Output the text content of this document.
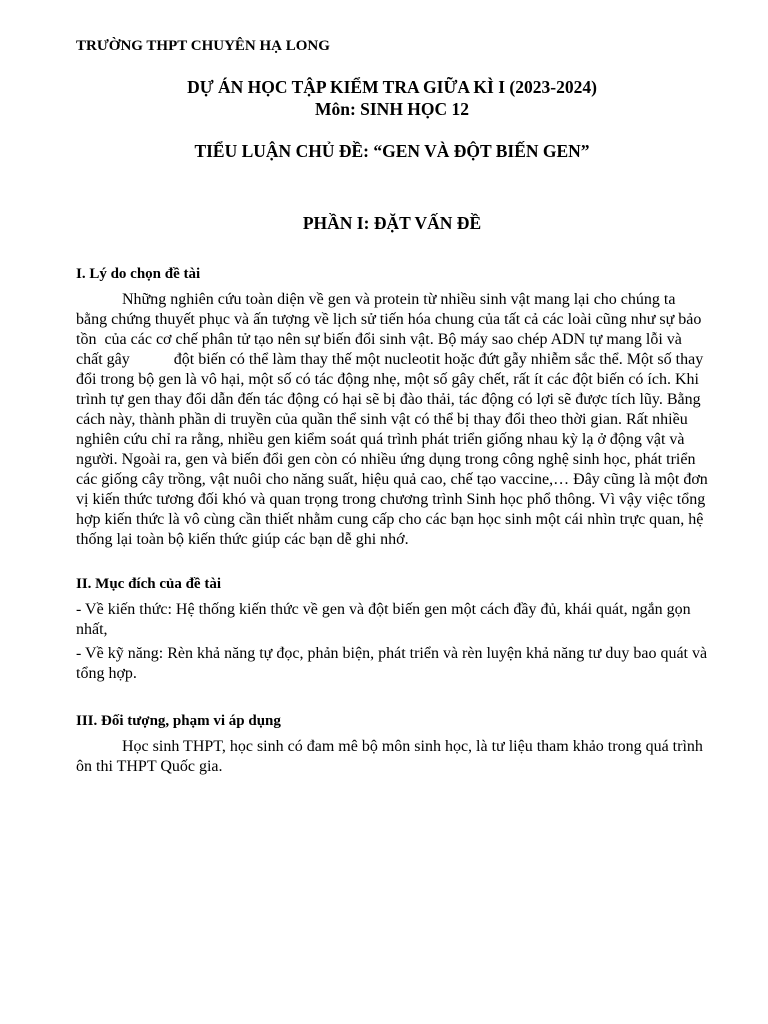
TRƯỜNG THPT CHUYÊN HẠ LONG

DỰ ÁN HỌC TẬP KIỂM TRA GIỮA KÌ I (2023-2024)

Môn: SINH HỌC 12

TIỂU LUẬN CHỦ ĐỀ: “GEN VÀ ĐỘT BIẾN GEN”

PHẦN I: ĐẶT VẤN ĐỀ

I. Lý do chọn đề tài

Những nghiên cứu toàn diện về gen và protein từ nhiều sinh vật mang lại cho chúng ta bằng chứng thuyết phục và ấn tượng về lịch sử tiến hóa chung của tất cả các loài cũng như sự bảo tồn  của các cơ chế phân tử tạo nên sự biến đổi sinh vật. Bộ máy sao chép ADN tự mang lỗi và chất gây           đột biến có thể làm thay thế một nucleotit hoặc đứt gẫy nhiễm sắc thể. Một số thay đổi trong bộ gen là vô hại, một số có tác động nhẹ, một số gây chết, rất ít các đột biến có ích. Khi trình tự gen thay đổi dẫn đến tác động có hại sẽ bị đào thải, tác động có lợi sẽ được tích lũy. Bằng cách này, thành phần di truyền của quần thể sinh vật có thể bị thay đổi theo thời gian. Rất nhiều nghiên cứu chỉ ra rằng, nhiều gen kiểm soát quá trình phát triển giống nhau kỳ lạ ở động vật và người. Ngoài ra, gen và biến đổi gen còn có nhiều ứng dụng trong công nghệ sinh học, phát triển các giống cây trồng, vật nuôi cho năng suất, hiệu quả cao, chế tạo vaccine,… Đây cũng là một đơn vị kiến thức tương đối khó và quan trọng trong chương trình Sinh học phổ thông. Vì vậy việc tổng hợp kiến thức là vô cùng cần thiết nhằm cung cấp cho các bạn học sinh một cái nhìn trực quan, hệ thống lại toàn bộ kiến thức giúp các bạn dễ ghi nhớ.

II. Mục đích của đề tài

- Về kiến thức: Hệ thống kiến thức về gen và đột biến gen một cách đầy đủ, khái quát, ngắn gọn nhất,

- Về kỹ năng: Rèn khả năng tự đọc, phản biện, phát triển và rèn luyện khả năng tư duy bao quát và tổng hợp.

III. Đối tượng, phạm vi áp dụng

Học sinh THPT, học sinh có đam mê bộ môn sinh học, là tư liệu tham khảo trong quá trình ôn thi THPT Quốc gia.
